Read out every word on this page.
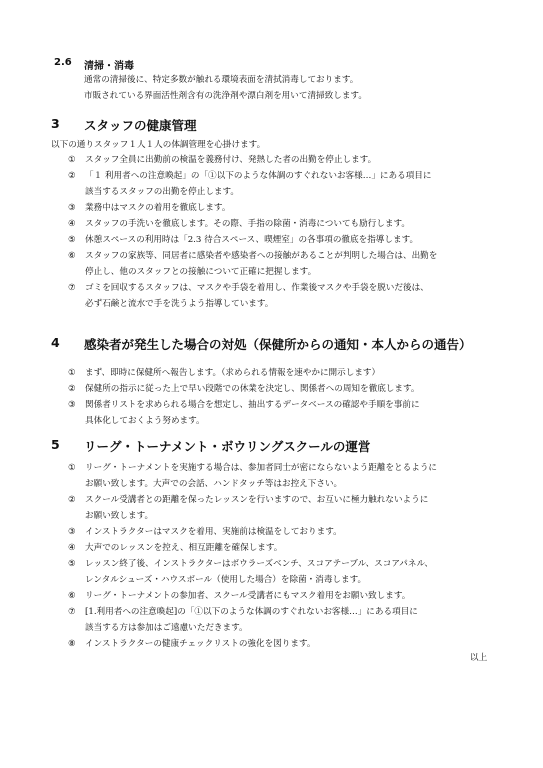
2.6 清掃・消毒
通常の清掃後に、特定多数が触れる環境表面を清拭消毒しております。
市販されている界面活性剤含有の洗浄剤や漂白剤を用いて清掃致します。
3 スタッフの健康管理
以下の通りスタッフ１人１人の体調管理を心掛けます。
① スタッフ全員に出勤前の検温を義務付け、発熱した者の出勤を停止します。
② 「１ 利用者への注意喚起」の「①以下のような体調のすぐれないお客様…」にある項目に
該当するスタッフの出勤を停止します。
③ 業務中はマスクの着用を徹底します。
④ スタッフの手洗いを徹底します。その際、手指の除菌・消毒についても励行します。
⑤ 休憩スペースの利用時は「2.3 待合スペース、喫煙室」の各事項の徹底を指導します。
⑥ スタッフの家族等、同居者に感染者や感染者への接触があることが判明した場合は、出勤を
停止し、他のスタッフとの接触について正確に把握します。
⑦ ゴミを回収するスタッフは、マスクや手袋を着用し、作業後マスクや手袋を脱いだ後は、
必ず石鹸と流水で手を洗うよう指導しています。
4 感染者が発生した場合の対処（保健所からの通知・本人からの通告）
① まず、即時に保健所へ報告します。（求められる情報を速やかに開示します）
② 保健所の指示に従った上で早い段階での休業を決定し、関係者への周知を徹底します。
③ 関係者リストを求められる場合を想定し、抽出するデータベースの確認や手順を事前に
具体化しておくよう努めます。
5 リーグ・トーナメント・ボウリングスクールの運営
① リーグ・トーナメントを実施する場合は、参加者同士が密にならないよう距離をとるように
お願い致します。大声での会話、ハンドタッチ等はお控え下さい。
② スクール受講者との距離を保ったレッスンを行いますので、お互いに極力触れないように
お願い致します。
③ インストラクターはマスクを着用、実施前は検温をしております。
④ 大声でのレッスンを控え、相互距離を確保します。
⑤ レッスン終了後、インストラクターはボウラーズベンチ、スコアテーブル、スコアパネル、
レンタルシューズ・ハウスボール（使用した場合）を除菌・消毒します。
⑥ リーグ・トーナメントの参加者、スクール受講者にもマスク着用をお願い致します。
⑦ [1.利用者への注意喚起]の「①以下のような体調のすぐれないお客様…」にある項目に
該当する方は参加はご遠慮いただきます。
⑧ インストラクターの健康チェックリストの強化を図ります。
以上
